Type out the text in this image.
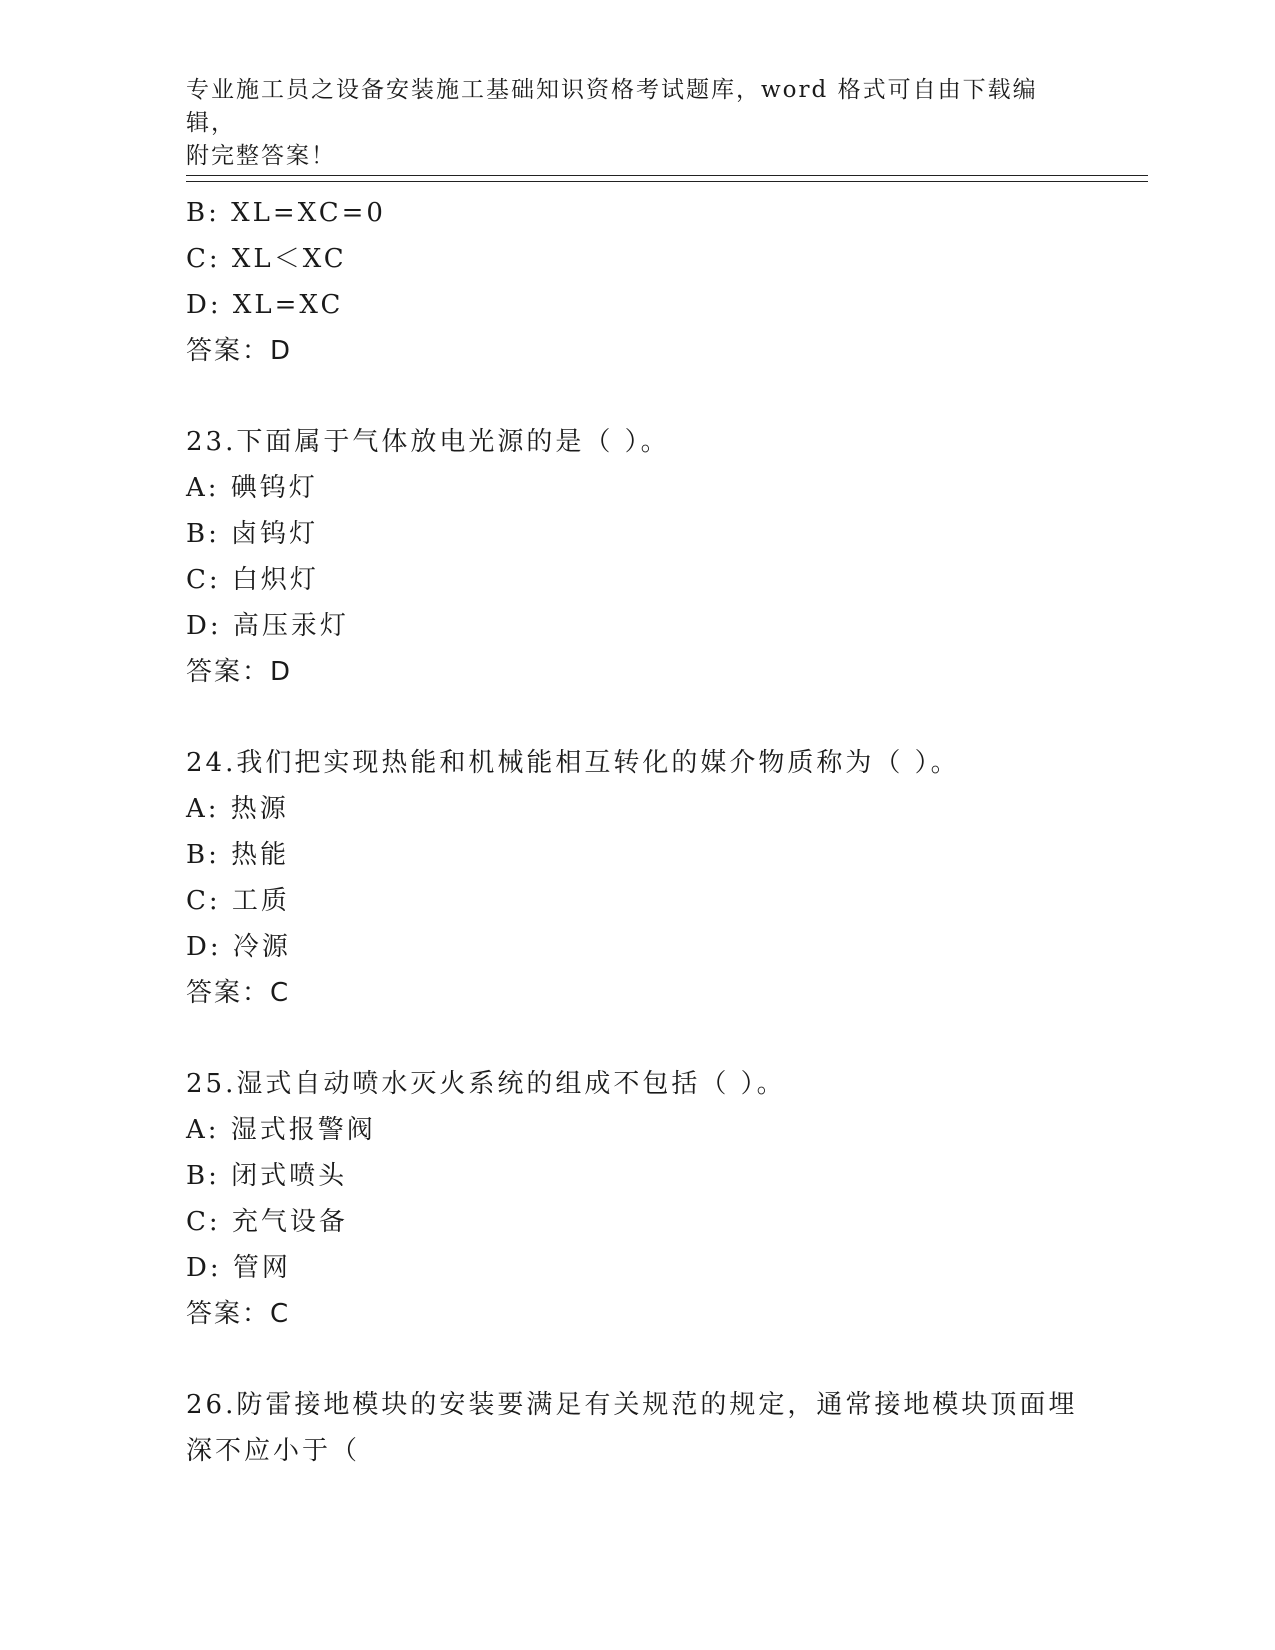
专业施工员之设备安装施工基础知识资格考试题库，word 格式可自由下载编辑，
附完整答案！
B: XL=XC=0
C: XL＜XC
D: XL=XC
答案：D
23.下面属于气体放电光源的是（ ）。
A: 碘钨灯
B: 卤钨灯
C: 白炽灯
D: 高压汞灯
答案：D
24.我们把实现热能和机械能相互转化的媒介物质称为（ ）。
A: 热源
B: 热能
C: 工质
D: 冷源
答案：C
25.湿式自动喷水灭火系统的组成不包括（ ）。
A: 湿式报警阀
B: 闭式喷头
C: 充气设备
D: 管网
答案：C
26.防雷接地模块的安装要满足有关规范的规定，通常接地模块顶面埋
深不应小于（
